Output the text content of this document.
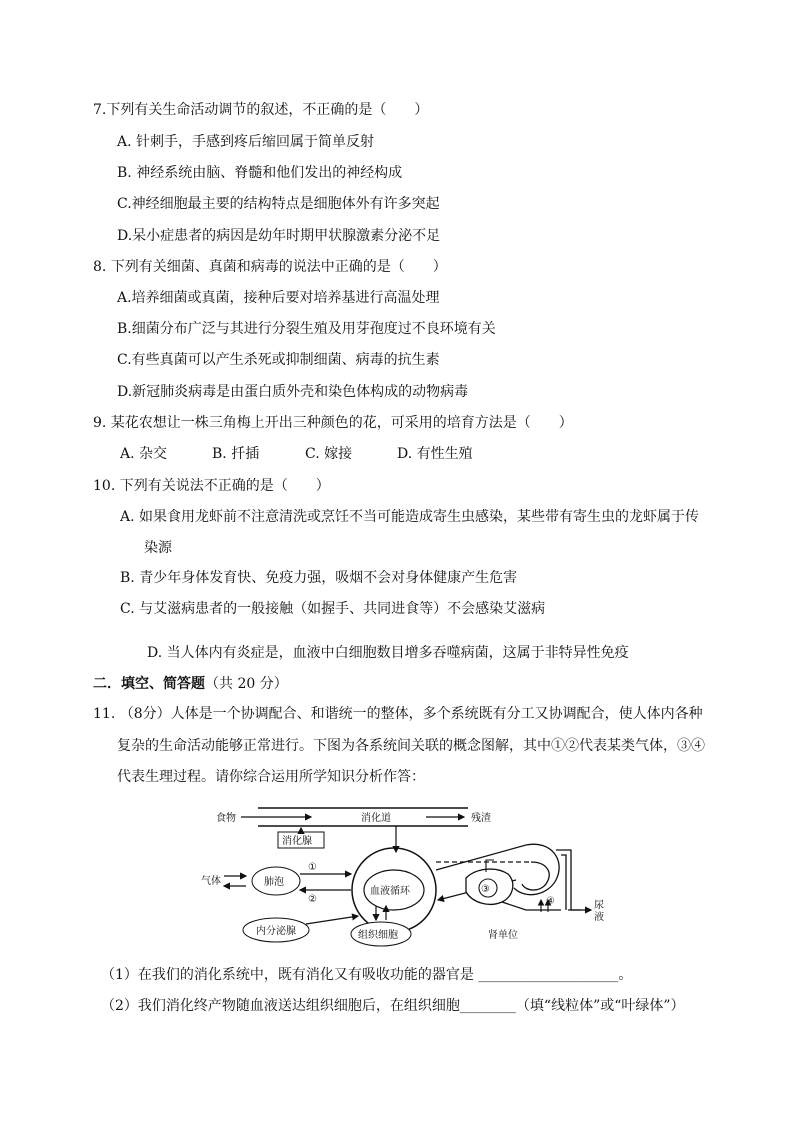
7.下列有关生命活动调节的叙述，不正确的是（　　）
A. 针刺手，手感到疼后缩回属于简单反射
B. 神经系统由脑、脊髓和他们发出的神经构成
C.神经细胞最主要的结构特点是细胞体外有许多突起
D.呆小症患者的病因是幼年时期甲状腺激素分泌不足
8. 下列有关细菌、真菌和病毒的说法中正确的是（　　）
A.培养细菌或真菌，接种后要对培养基进行高温处理
B.细菌分布广泛与其进行分裂生殖及用芽孢度过不良环境有关
C.有些真菌可以产生杀死或抑制细菌、病毒的抗生素
D.新冠肺炎病毒是由蛋白质外壳和染色体构成的动物病毒
9. 某花农想让一株三角梅上开出三种颜色的花，可采用的培育方法是（　　）
A. 杂交	B. 扦插	C. 嫁接	D. 有性生殖
10. 下列有关说法不正确的是（　　）
A. 如果食用龙虾前不注意清洗或烹饪不当可能造成寄生虫感染，某些带有寄生虫的龙虾属于传
染源
B. 青少年身体发育快、免疫力强，吸烟不会对身体健康产生危害
C. 与艾滋病患者的一般接触（如握手、共同进食等）不会感染艾滋病
D. 当人体内有炎症是，血液中白细胞数目增多吞噬病菌，这属于非特异性免疫
二．填空、简答题（共 20 分）
11. （8分）人体是一个协调配合、和谐统一的整体，多个系统既有分工又协调配合，使人体内各种
复杂的生命活动能够正常进行。下图为各系统间关联的概念图解，其中①②代表某类气体，③④
代表生理过程。请你综合运用所学知识分析作答：
食物	消化道	残渣
消化腺
血液循环
气体	肺泡
①
②
内分泌腺	组织细胞
③
④	尿
液
肾单位
（1）在我们的消化系统中，既有消化又有吸收功能的器官是 ____________________。
（2）我们消化终产物随血液送达组织细胞后，在组织细胞________（填“线粒体”或“叶绿体”）
